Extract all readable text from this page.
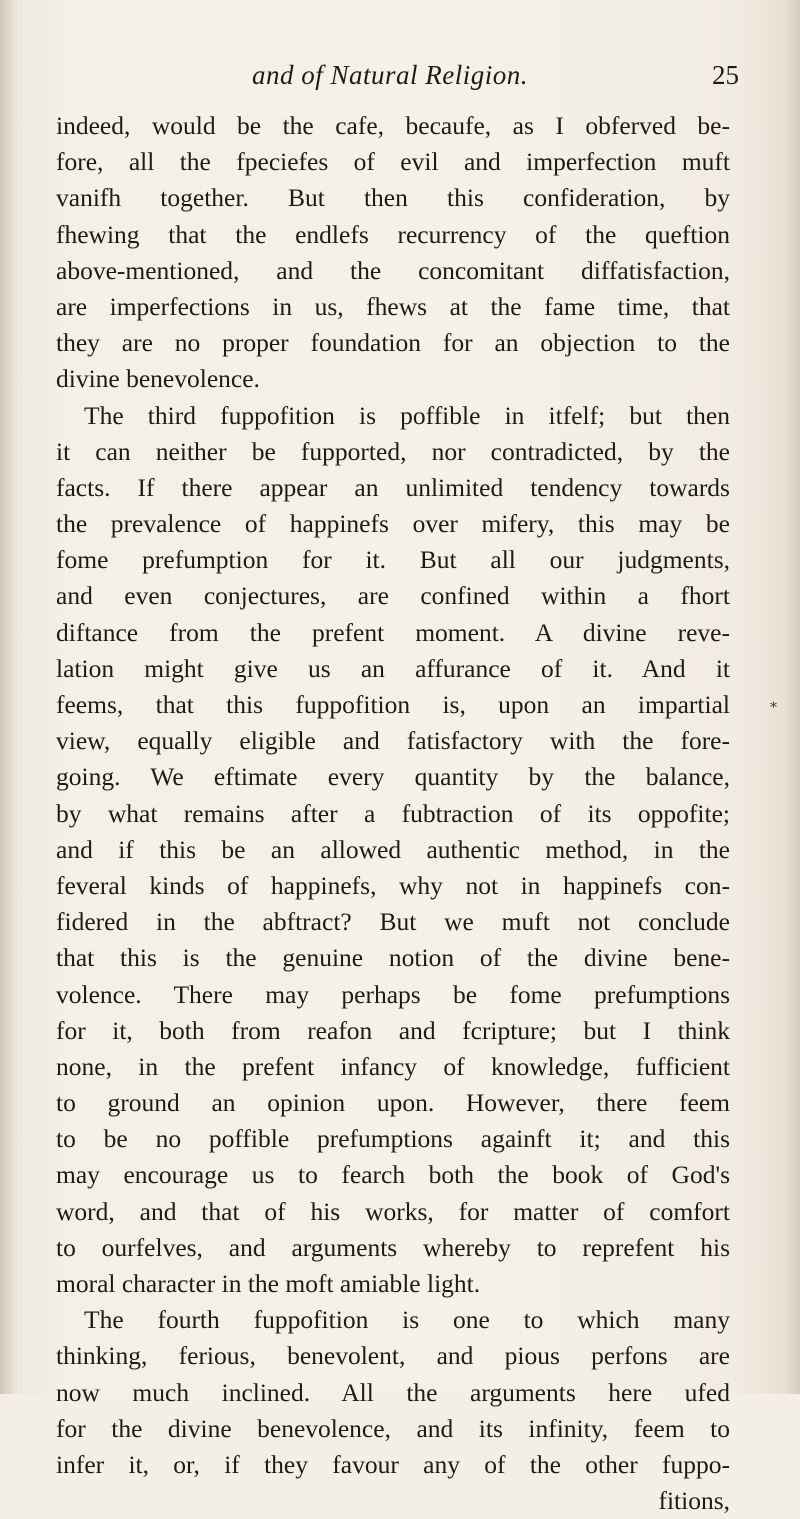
and of Natural Religion.	25
*
indeed, would be the cafe, becaufe, as I obferved be-
fore, all the fpeciefes of evil and imperfection muft
vanifh together. But then this confideration, by
fhewing that the endlefs recurrency of the queftion
above-mentioned, and the concomitant diffatisfaction,
are imperfections in us, fhews at the fame time, that
they are no proper foundation for an objection to the
divine benevolence.
The third fuppofition is poffible in itfelf; but then
it can neither be fupported, nor contradicted, by the
facts. If there appear an unlimited tendency towards
the prevalence of happinefs over mifery, this may be
fome prefumption for it. But all our judgments,
and even conjectures, are confined within a fhort
diftance from the prefent moment. A divine reve-
lation might give us an affurance of it. And it
feems, that this fuppofition is, upon an impartial
view, equally eligible and fatisfactory with the fore-
going. We eftimate every quantity by the balance,
by what remains after a fubtraction of its oppofite;
and if this be an allowed authentic method, in the
feveral kinds of happinefs, why not in happinefs con-
fidered in the abftract? But we muft not conclude
that this is the genuine notion of the divine bene-
volence. There may perhaps be fome prefumptions
for it, both from reafon and fcripture; but I think
none, in the prefent infancy of knowledge, fufficient
to ground an opinion upon. However, there feem
to be no poffible prefumptions againft it; and this
may encourage us to fearch both the book of God's
word, and that of his works, for matter of comfort
to ourfelves, and arguments whereby to reprefent his
moral character in the moft amiable light.
The fourth fuppofition is one to which many
thinking, ferious, benevolent, and pious perfons are
now much inclined. All the arguments here ufed
for the divine benevolence, and its infinity, feem to
infer it, or, if they favour any of the other fuppo-
fitions,
